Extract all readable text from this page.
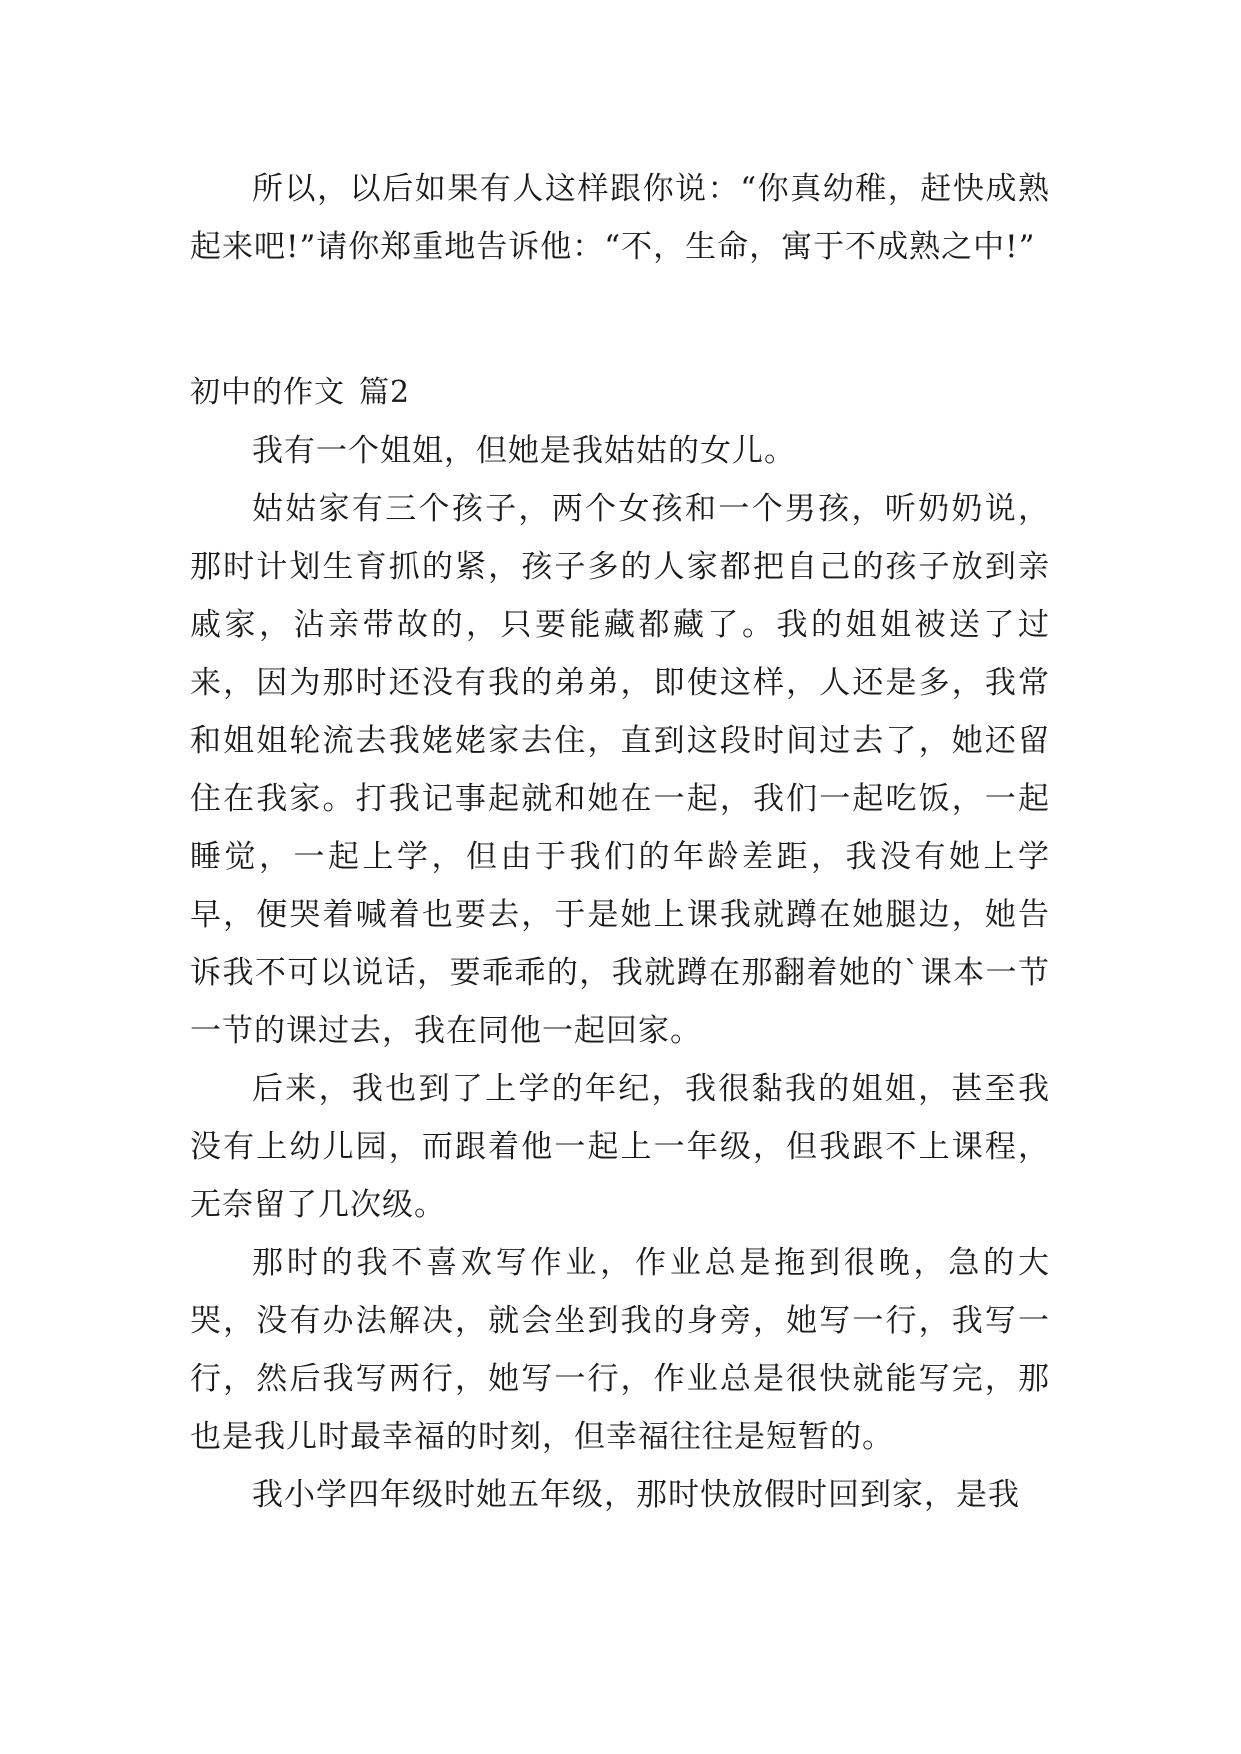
所以，以后如果有人这样跟你说：“你真幼稚，赶快成熟起来吧!”请你郑重地告诉他：“不，生命，寓于不成熟之中!”

初中的作文 篇2

我有一个姐姐，但她是我姑姑的女儿。

姑姑家有三个孩子，两个女孩和一个男孩，听奶奶说，那时计划生育抓的紧，孩子多的人家都把自己的孩子放到亲戚家，沾亲带故的，只要能藏都藏了。我的姐姐被送了过来，因为那时还没有我的弟弟，即使这样，人还是多，我常和姐姐轮流去我姥姥家去住，直到这段时间过去了，她还留住在我家。打我记事起就和她在一起，我们一起吃饭，一起睡觉，一起上学，但由于我们的年龄差距，我没有她上学早，便哭着喊着也要去，于是她上课我就蹲在她腿边，她告诉我不可以说话，要乖乖的，我就蹲在那翻着她的`课本一节一节的课过去，我在同他一起回家。

后来，我也到了上学的年纪，我很黏我的姐姐，甚至我没有上幼儿园，而跟着他一起上一年级，但我跟不上课程，无奈留了几次级。

那时的我不喜欢写作业，作业总是拖到很晚，急的大哭，没有办法解决，就会坐到我的身旁，她写一行，我写一行，然后我写两行，她写一行，作业总是很快就能写完，那也是我儿时最幸福的时刻，但幸福往往是短暂的。

我小学四年级时她五年级，那时快放假时回到家，是我
